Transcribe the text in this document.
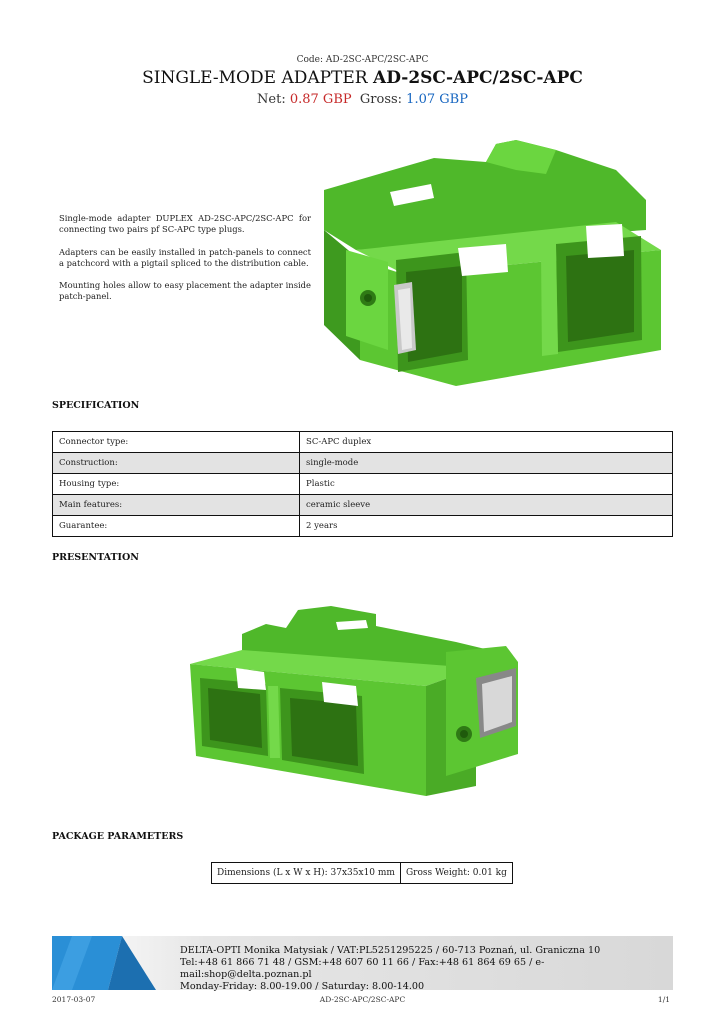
Code: AD-2SC-APC/2SC-APC
SINGLE-MODE ADAPTER AD-2SC-APC/2SC-APC
Net: 0.87 GBP Gross: 1.07 GBP
Single-mode adapter DUPLEX AD-2SC-APC/2SC-APC for connecting two pairs pf SC-APC type plugs.
Adapters can be easily installed in patch-panels to connect a patchcord with a pigtail spliced to the distribution cable.
Mounting holes allow to easy placement the adapter inside patch-panel.
SPECIFICATION
Connector type:	SC-APC duplex
Construction:	single-mode
Housing type:	Plastic
Main features:	ceramic sleeve
Guarantee:	2 years
PRESENTATION
PACKAGE PARAMETERS
Dimensions (L x W x H): 37x35x10 mm	Gross Weight: 0.01 kg
DELTA-OPTI Monika Matysiak / VAT:PL5251295225 / 60-713 Poznań, ul. Graniczna 10
Tel:+48 61 866 71 48 / GSM:+48 607 60 11 66 / Fax:+48 61 864 69 65 / e-mail:shop@delta.poznan.pl
Monday-Friday: 8.00-19.00 / Saturday: 8.00-14.00
2017-03-07	AD-2SC-APC/2SC-APC	1/1
